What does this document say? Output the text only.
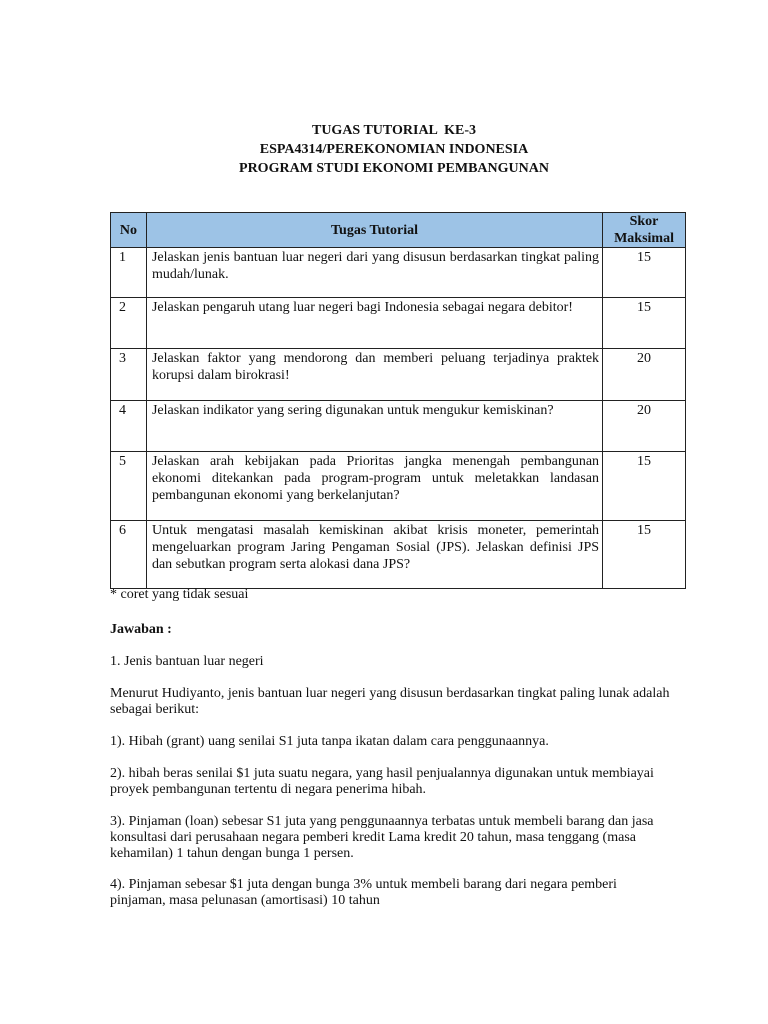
TUGAS TUTORIAL  KE-3
ESPA4314/PEREKONOMIAN INDONESIA
PROGRAM STUDI EKONOMI PEMBANGUNAN
No	Tugas Tutorial	Skor Maksimal
1	Jelaskan jenis bantuan luar negeri dari yang disusun berdasarkan tingkat paling mudah/lunak.	15
2	Jelaskan pengaruh utang luar negeri bagi Indonesia sebagai negara debitor!	15
3	Jelaskan faktor yang mendorong dan memberi peluang terjadinya praktek korupsi dalam birokrasi!	20
4	Jelaskan indikator yang sering digunakan untuk mengukur kemiskinan?	20
5	Jelaskan arah kebijakan pada Prioritas jangka menengah pembangunan ekonomi ditekankan pada program-program untuk meletakkan landasan pembangunan ekonomi yang berkelanjutan?	15
6	Untuk mengatasi masalah kemiskinan akibat krisis moneter, pemerintah mengeluarkan program Jaring Pengaman Sosial (JPS). Jelaskan definisi JPS dan sebutkan program serta alokasi dana JPS?	15
* coret yang tidak sesuai
Jawaban :
1. Jenis bantuan luar negeri
Menurut Hudiyanto, jenis bantuan luar negeri yang disusun berdasarkan tingkat paling lunak adalah sebagai berikut:
1). Hibah (grant) uang senilai S1 juta tanpa ikatan dalam cara penggunaannya.
2). hibah beras senilai $1 juta suatu negara, yang hasil penjualannya digunakan untuk membiayai proyek pembangunan tertentu di negara penerima hibah.
3). Pinjaman (loan) sebesar S1 juta yang penggunaannya terbatas untuk membeli barang dan jasa konsultasi dari perusahaan negara pemberi kredit Lama kredit 20 tahun, masa tenggang (masa kehamilan) 1 tahun dengan bunga 1 persen.
4). Pinjaman sebesar $1 juta dengan bunga 3% untuk membeli barang dari negara pemberi pinjaman, masa pelunasan (amortisasi) 10 tahun
